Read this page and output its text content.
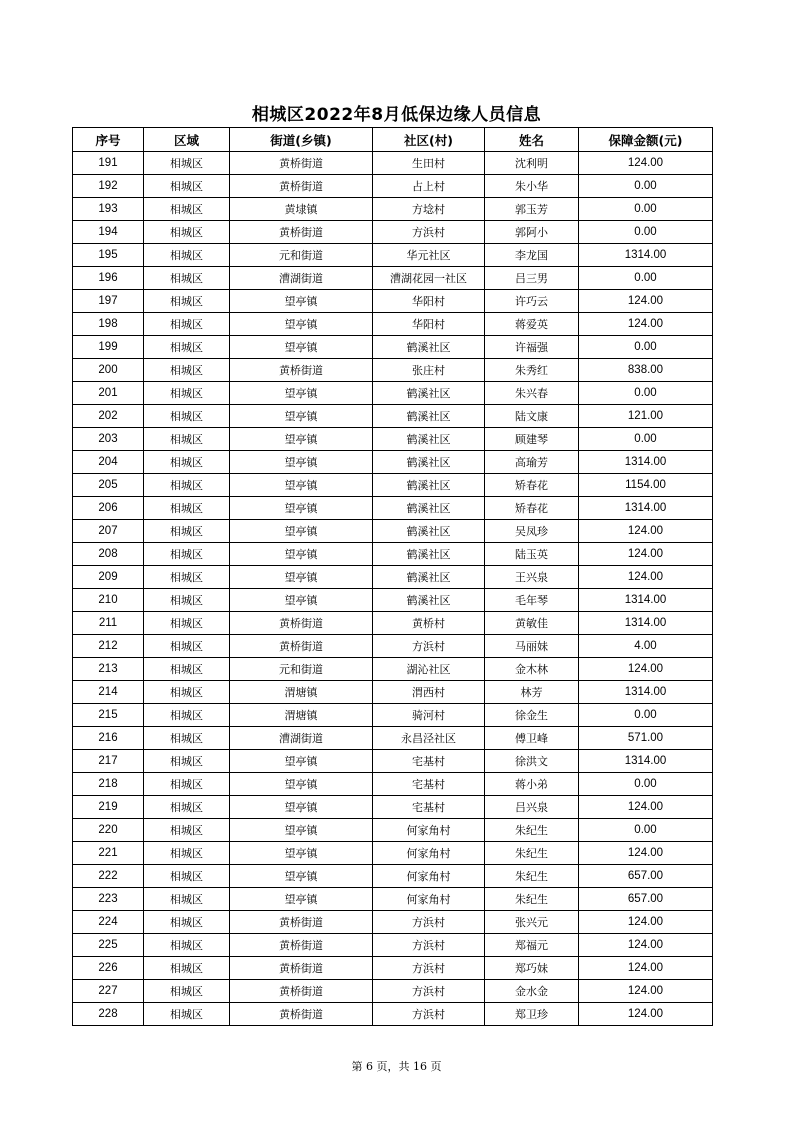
相城区2022年8月低保边缘人员信息
序号	区域	街道(乡镇)	社区(村)	姓名	保障金额(元)
191	相城区	黄桥街道	生田村	沈利明	124.00
192	相城区	黄桥街道	占上村	朱小华	0.00
193	相城区	黄埭镇	方埝村	郭玉芳	0.00
194	相城区	黄桥街道	方浜村	郭阿小	0.00
195	相城区	元和街道	华元社区	李龙国	1314.00
196	相城区	漕湖街道	漕湖花园一社区	吕三男	0.00
197	相城区	望亭镇	华阳村	许巧云	124.00
198	相城区	望亭镇	华阳村	蒋爱英	124.00
199	相城区	望亭镇	鹤溪社区	许福强	0.00
200	相城区	黄桥街道	张庄村	朱秀红	838.00
201	相城区	望亭镇	鹤溪社区	朱兴春	0.00
202	相城区	望亭镇	鹤溪社区	陆文康	121.00
203	相城区	望亭镇	鹤溪社区	顾建琴	0.00
204	相城区	望亭镇	鹤溪社区	高瑜芳	1314.00
205	相城区	望亭镇	鹤溪社区	矫春花	1154.00
206	相城区	望亭镇	鹤溪社区	矫春花	1314.00
207	相城区	望亭镇	鹤溪社区	吴凤珍	124.00
208	相城区	望亭镇	鹤溪社区	陆玉英	124.00
209	相城区	望亭镇	鹤溪社区	王兴泉	124.00
210	相城区	望亭镇	鹤溪社区	毛年琴	1314.00
211	相城区	黄桥街道	黄桥村	黄敏佳	1314.00
212	相城区	黄桥街道	方浜村	马丽妹	4.00
213	相城区	元和街道	湖沁社区	金木林	124.00
214	相城区	渭塘镇	渭西村	林芳	1314.00
215	相城区	渭塘镇	骑河村	徐金生	0.00
216	相城区	漕湖街道	永昌泾社区	傅卫峰	571.00
217	相城区	望亭镇	宅基村	徐洪文	1314.00
218	相城区	望亭镇	宅基村	蒋小弟	0.00
219	相城区	望亭镇	宅基村	吕兴泉	124.00
220	相城区	望亭镇	何家角村	朱纪生	0.00
221	相城区	望亭镇	何家角村	朱纪生	124.00
222	相城区	望亭镇	何家角村	朱纪生	657.00
223	相城区	望亭镇	何家角村	朱纪生	657.00
224	相城区	黄桥街道	方浜村	张兴元	124.00
225	相城区	黄桥街道	方浜村	郑福元	124.00
226	相城区	黄桥街道	方浜村	郑巧妹	124.00
227	相城区	黄桥街道	方浜村	金水金	124.00
228	相城区	黄桥街道	方浜村	郑卫珍	124.00
第 6 页，共 16 页
